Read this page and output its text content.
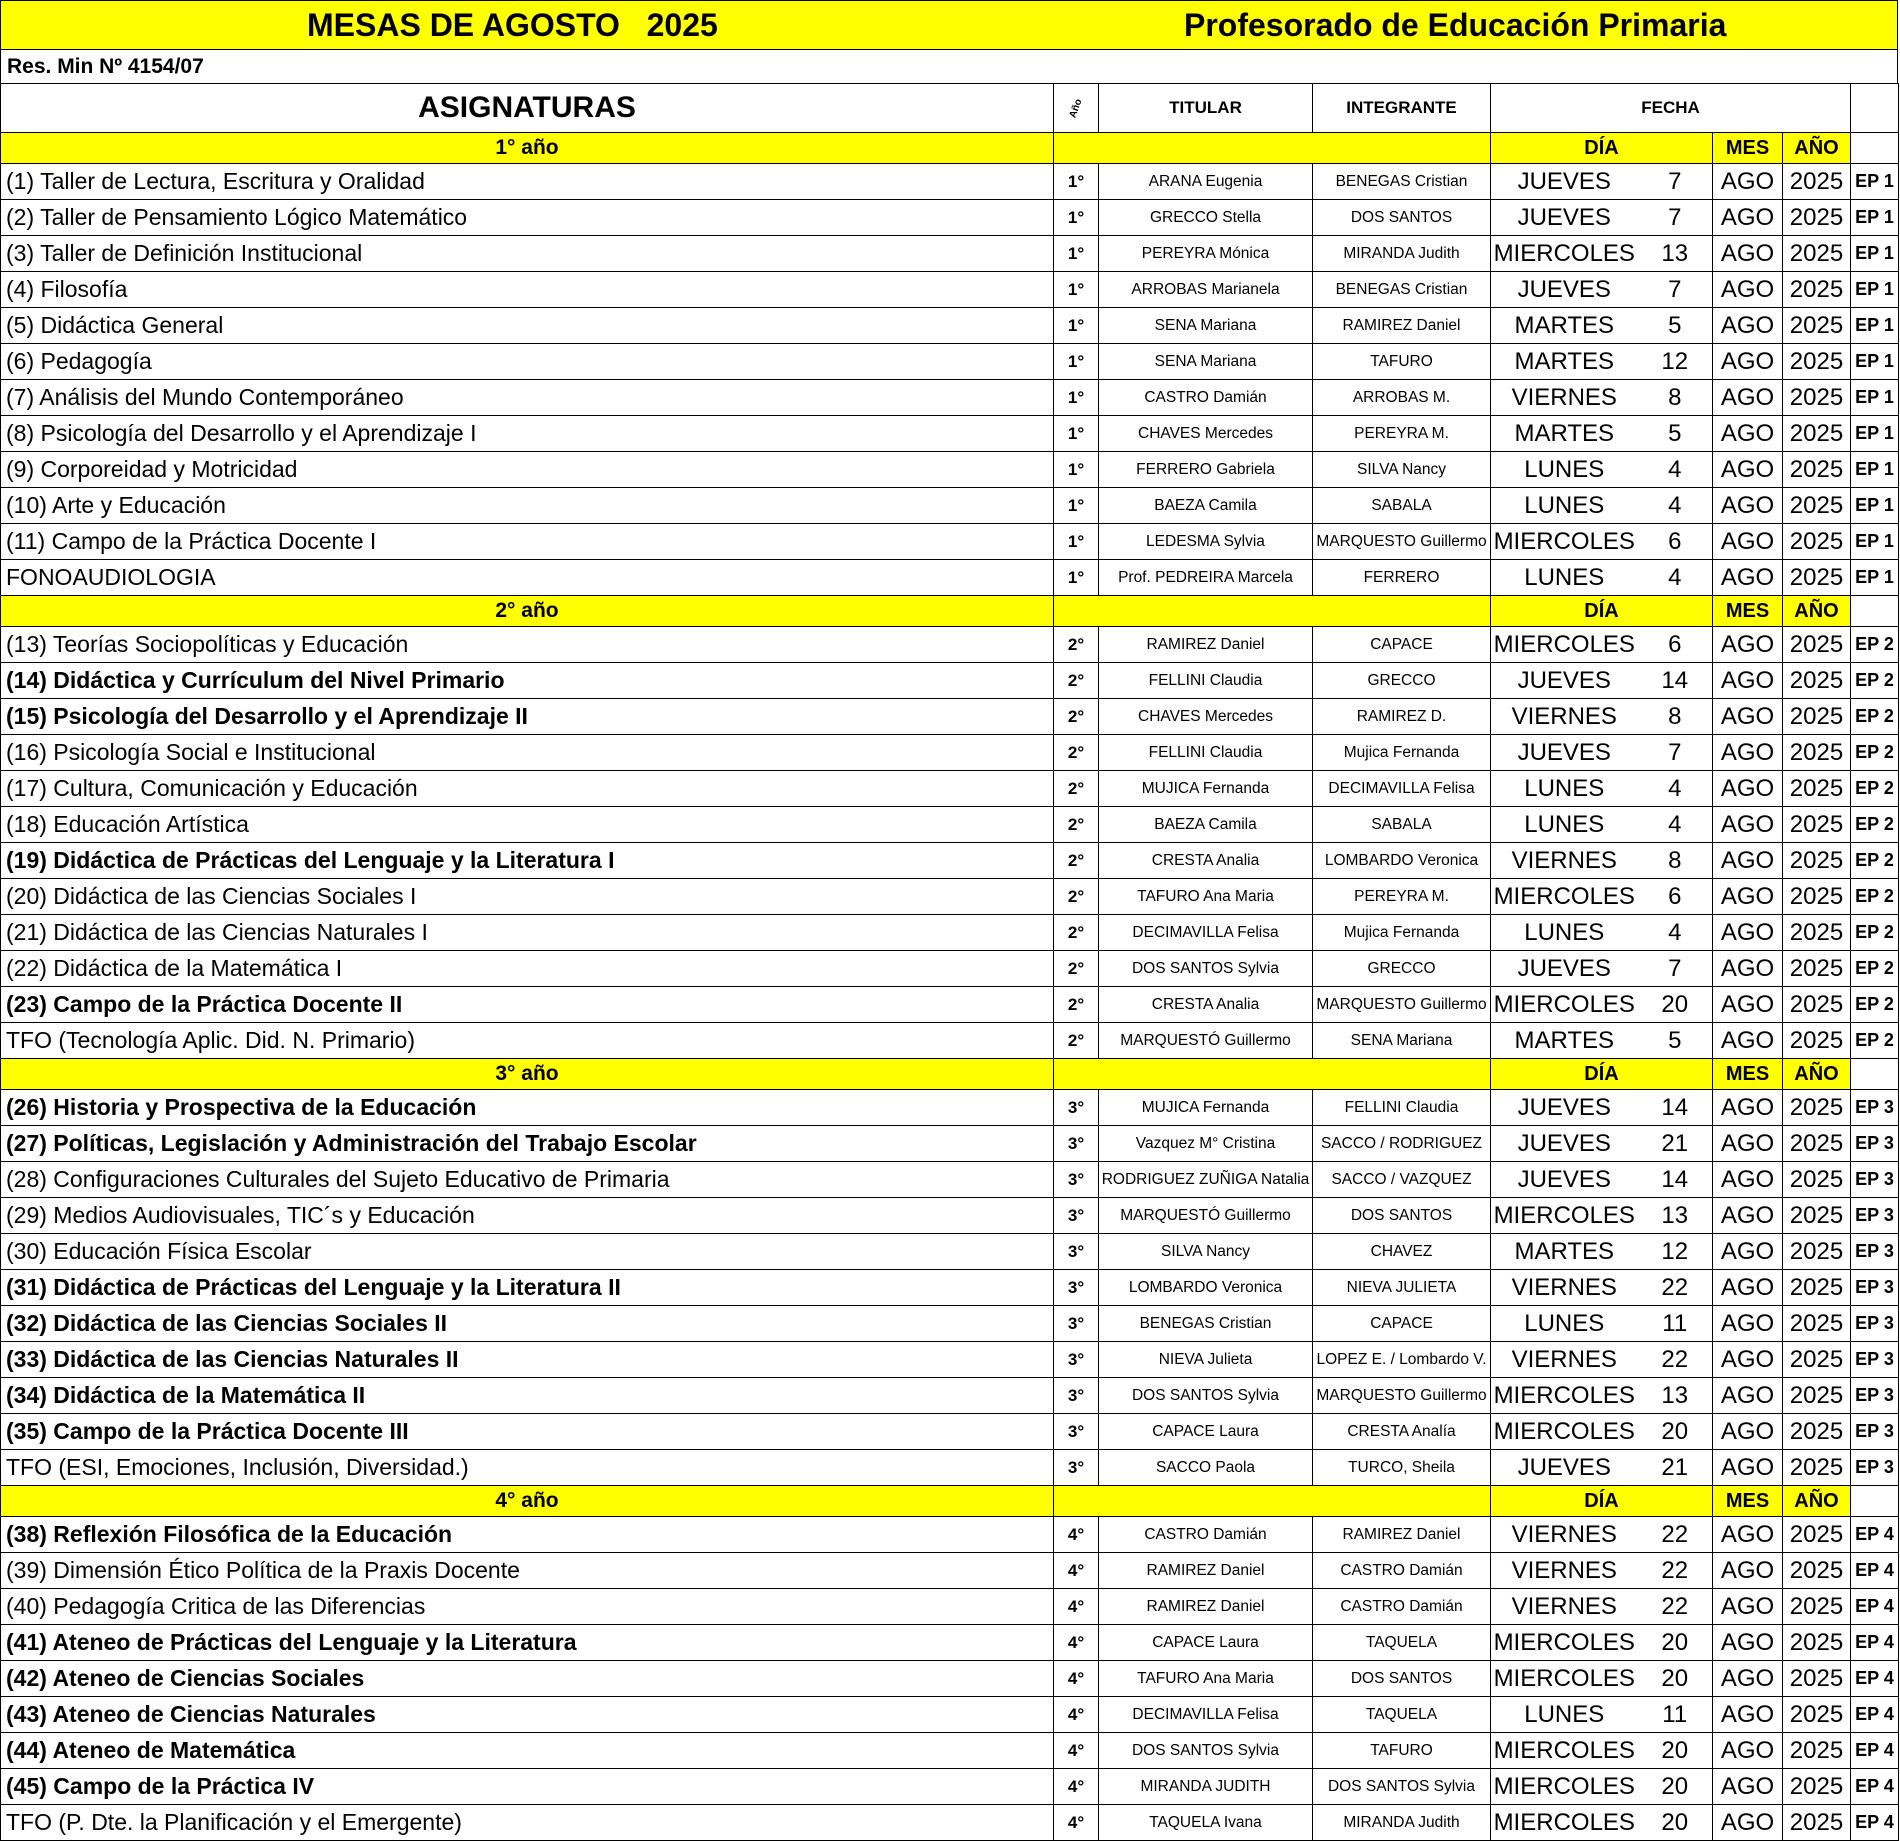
MESAS DE AGOSTO   2025	Profesorado de Educación Primaria
Res. Min Nº 4154/07
ASIGNATURAS	Año	TITULAR	INTEGRANTE	FECHA				
1° año				DÍA		MES	AÑO	
(1) Taller de Lectura, Escritura y Oralidad	1°	ARANA Eugenia	BENEGAS Cristian	JUEVES	7	AGO	2025	EP 1
(2) Taller de Pensamiento Lógico Matemático	1°	GRECCO Stella	DOS SANTOS	JUEVES	7	AGO	2025	EP 1
(3) Taller de Definición Institucional	1°	PEREYRA Mónica	MIRANDA Judith	MIERCOLES	13	AGO	2025	EP 1
(4) Filosofía	1°	ARROBAS Marianela	BENEGAS Cristian	JUEVES	7	AGO	2025	EP 1
(5) Didáctica General	1°	SENA Mariana	RAMIREZ Daniel	MARTES	5	AGO	2025	EP 1
(6) Pedagogía	1°	SENA Mariana	TAFURO	MARTES	12	AGO	2025	EP 1
(7) Análisis del Mundo Contemporáneo	1°	CASTRO Damián	ARROBAS M.	VIERNES	8	AGO	2025	EP 1
(8) Psicología del Desarrollo y el Aprendizaje I	1°	CHAVES Mercedes	PEREYRA M.	MARTES	5	AGO	2025	EP 1
(9) Corporeidad y Motricidad	1°	FERRERO Gabriela	SILVA Nancy	LUNES	4	AGO	2025	EP 1
(10) Arte y Educación	1°	BAEZA Camila	SABALA	LUNES	4	AGO	2025	EP 1
(11) Campo de la Práctica Docente I	1°	LEDESMA Sylvia	MARQUESTO Guillermo	MIERCOLES	6	AGO	2025	EP 1
FONOAUDIOLOGIA	1°	Prof. PEDREIRA Marcela	FERRERO	LUNES	4	AGO	2025	EP 1
2° año				DÍA		MES	AÑO	
(13) Teorías Sociopolíticas y Educación	2°	RAMIREZ Daniel	CAPACE	MIERCOLES	6	AGO	2025	EP 2
(14) Didáctica y Currículum del Nivel Primario	2°	FELLINI Claudia	GRECCO	JUEVES	14	AGO	2025	EP 2
(15) Psicología del Desarrollo y el Aprendizaje II	2°	CHAVES Mercedes	RAMIREZ D.	VIERNES	8	AGO	2025	EP 2
(16) Psicología Social e Institucional	2°	FELLINI Claudia	Mujica Fernanda	JUEVES	7	AGO	2025	EP 2
(17) Cultura, Comunicación y Educación	2°	MUJICA Fernanda	DECIMAVILLA Felisa	LUNES	4	AGO	2025	EP 2
(18) Educación Artística	2°	BAEZA Camila	SABALA	LUNES	4	AGO	2025	EP 2
(19) Didáctica de Prácticas del Lenguaje y la Literatura I	2°	CRESTA Analia	LOMBARDO Veronica	VIERNES	8	AGO	2025	EP 2
(20) Didáctica de las Ciencias Sociales I	2°	TAFURO Ana Maria	PEREYRA M.	MIERCOLES	6	AGO	2025	EP 2
(21) Didáctica de las Ciencias Naturales I	2°	DECIMAVILLA Felisa	Mujica Fernanda	LUNES	4	AGO	2025	EP 2
(22) Didáctica de la Matemática I	2°	DOS SANTOS Sylvia	GRECCO	JUEVES	7	AGO	2025	EP 2
(23) Campo de la Práctica Docente II	2°	CRESTA Analia	MARQUESTO Guillermo	MIERCOLES	20	AGO	2025	EP 2
TFO (Tecnología Aplic. Did. N. Primario)	2°	MARQUESTÓ Guillermo	SENA Mariana	MARTES	5	AGO	2025	EP 2
3° año				DÍA		MES	AÑO	
(26) Historia y Prospectiva de la Educación	3°	MUJICA Fernanda	FELLINI Claudia	JUEVES	14	AGO	2025	EP 3
(27) Políticas, Legislación y Administración del Trabajo Escolar	3°	Vazquez M° Cristina	SACCO / RODRIGUEZ	JUEVES	21	AGO	2025	EP 3
(28) Configuraciones Culturales del Sujeto Educativo de Primaria	3°	RODRIGUEZ ZUÑIGA Natalia	SACCO / VAZQUEZ	JUEVES	14	AGO	2025	EP 3
(29) Medios Audiovisuales, TIC´s y Educación	3°	MARQUESTÓ Guillermo	DOS SANTOS	MIERCOLES	13	AGO	2025	EP 3
(30) Educación Física Escolar	3°	SILVA Nancy	CHAVEZ	MARTES	12	AGO	2025	EP 3
(31) Didáctica de Prácticas del Lenguaje y la Literatura II	3°	LOMBARDO Veronica	NIEVA JULIETA	VIERNES	22	AGO	2025	EP 3
(32) Didáctica de las Ciencias Sociales II	3°	BENEGAS Cristian	CAPACE	LUNES	11	AGO	2025	EP 3
(33) Didáctica de las Ciencias Naturales II	3°	NIEVA Julieta	LOPEZ E. / Lombardo V.	VIERNES	22	AGO	2025	EP 3
(34) Didáctica de la Matemática II	3°	DOS SANTOS Sylvia	MARQUESTO Guillermo	MIERCOLES	13	AGO	2025	EP 3
(35) Campo de la Práctica Docente III	3°	CAPACE Laura	CRESTA Analía	MIERCOLES	20	AGO	2025	EP 3
TFO (ESI, Emociones, Inclusión, Diversidad.)	3°	SACCO Paola	TURCO, Sheila	JUEVES	21	AGO	2025	EP 3
4° año				DÍA		MES	AÑO	
(38) Reflexión Filosófica de la Educación	4°	CASTRO Damián	RAMIREZ Daniel	VIERNES	22	AGO	2025	EP 4
(39) Dimensión Ético Política de la Praxis Docente	4°	RAMIREZ Daniel	CASTRO Damián	VIERNES	22	AGO	2025	EP 4
(40) Pedagogía Critica de las Diferencias	4°	RAMIREZ Daniel	CASTRO Damián	VIERNES	22	AGO	2025	EP 4
(41) Ateneo de Prácticas del Lenguaje y la Literatura	4°	CAPACE Laura	TAQUELA	MIERCOLES	20	AGO	2025	EP 4
(42) Ateneo de Ciencias Sociales	4°	TAFURO Ana Maria	DOS SANTOS	MIERCOLES	20	AGO	2025	EP 4
(43) Ateneo de Ciencias Naturales	4°	DECIMAVILLA Felisa	TAQUELA	LUNES	11	AGO	2025	EP 4
(44) Ateneo de Matemática	4°	DOS SANTOS Sylvia	TAFURO	MIERCOLES	20	AGO	2025	EP 4
(45) Campo de la Práctica IV	4°	MIRANDA JUDITH	DOS SANTOS Sylvia	MIERCOLES	20	AGO	2025	EP 4
TFO (P. Dte. la Planificación y el Emergente)	4°	TAQUELA Ivana	MIRANDA Judith	MIERCOLES	20	AGO	2025	EP 4
